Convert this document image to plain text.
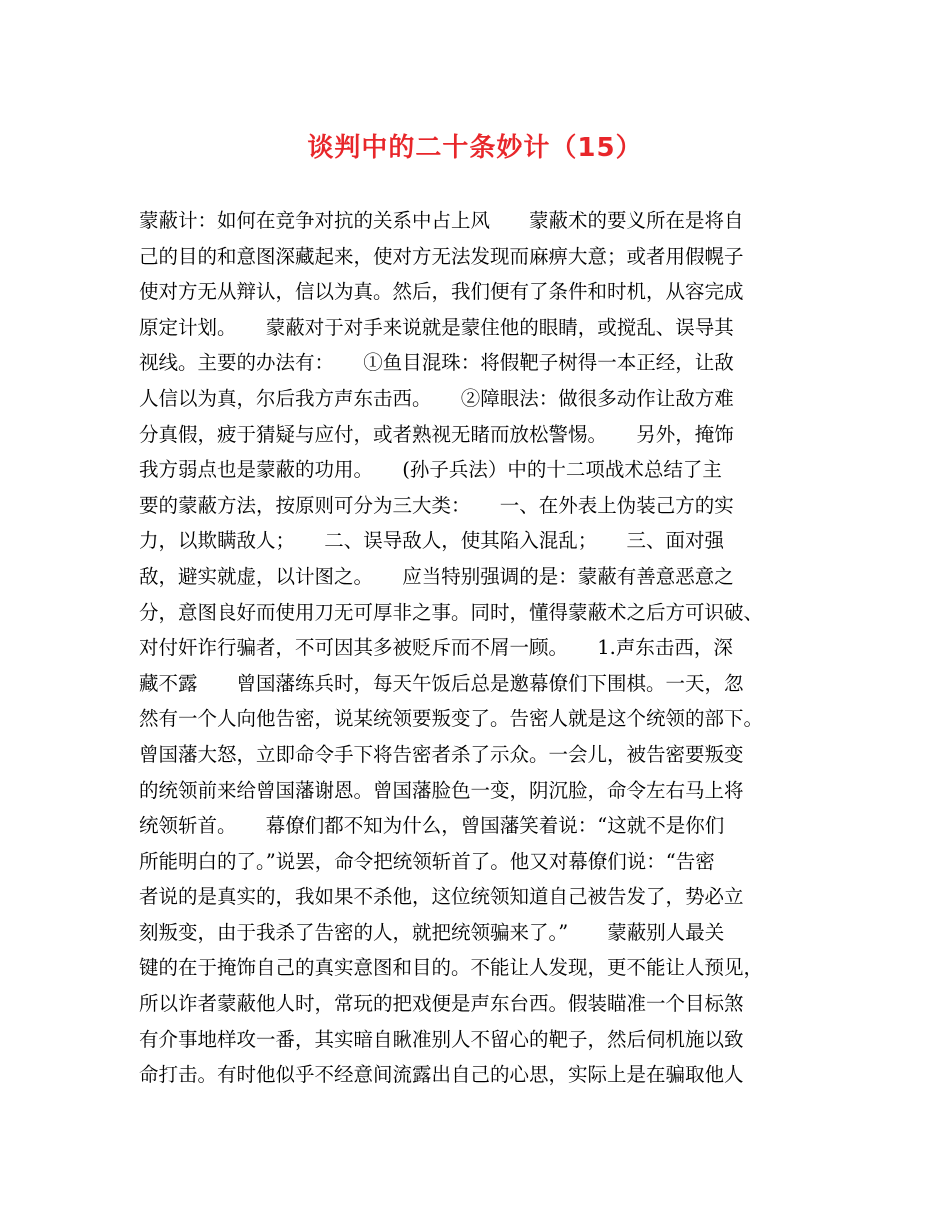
谈判中的二十条妙计（15）
蒙蔽计：如何在竞争对抗的关系中占上风　　蒙蔽术的要义所在是将自
己的目的和意图深藏起来，使对方无法发现而麻痹大意；或者用假幌子
使对方无从辩认，信以为真。然后，我们便有了条件和时机，从容完成
原定计划。　　蒙蔽对于对手来说就是蒙住他的眼睛，或搅乱、误导其
视线。主要的办法有：　　①鱼目混珠：将假靶子树得一本正经，让敌
人信以为真，尔后我方声东击西。　　②障眼法：做很多动作让敌方难
分真假，疲于猜疑与应付，或者熟视无睹而放松警惕。　　另外，掩饰
我方弱点也是蒙蔽的功用。　　(孙子兵法）中的十二项战术总结了主
要的蒙蔽方法，按原则可分为三大类：　　一、在外表上伪装己方的实
力，以欺瞒敌人；　　二、误导敌人，使其陷入混乱；　　三、面对强
敌，避实就虚，以计图之。　　应当特别强调的是：蒙蔽有善意恶意之
分，意图良好而使用刀无可厚非之事。同时，懂得蒙蔽术之后方可识破、
对付奸诈行骗者，不可因其多被贬斥而不屑一顾。　　1.声东击西，深
藏不露　　曾国藩练兵时，每天午饭后总是邀幕僚们下围棋。一天，忽
然有一个人向他告密，说某统领要叛变了。告密人就是这个统领的部下。
曾国藩大怒，立即命令手下将告密者杀了示众。一会儿，被告密要叛变
的统领前来给曾国藩谢恩。曾国藩脸色一变，阴沉脸，命令左右马上将
统领斩首。　　幕僚们都不知为什么，曾国藩笑着说：“这就不是你们
所能明白的了。”说罢，命令把统领斩首了。他又对幕僚们说：“告密
者说的是真实的，我如果不杀他，这位统领知道自己被告发了，势必立
刻叛变，由于我杀了告密的人，就把统领骗来了。”　　蒙蔽别人最关
键的在于掩饰自己的真实意图和目的。不能让人发现，更不能让人预见，
所以诈者蒙蔽他人时，常玩的把戏便是声东台西。假装瞄准一个目标煞
有介事地样攻一番，其实暗自瞅准别人不留心的靶子，然后伺机施以致
命打击。有时他似乎不经意间流露出自己的心思，实际上是在骗取他人
